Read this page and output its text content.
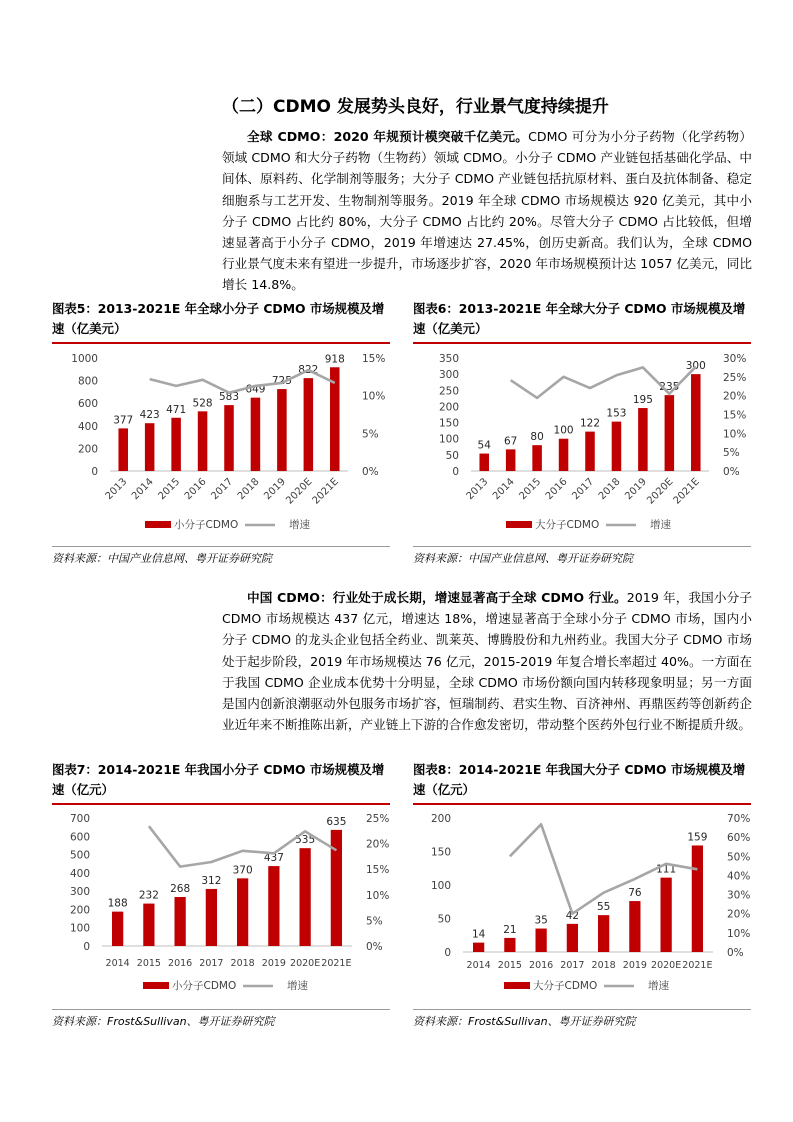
（二）CDMO 发展势头良好，行业景气度持续提升
全球 CDMO：2020 年规预计模突破千亿美元。CDMO 可分为小分子药物（化学药物）领域 CDMO 和大分子药物（生物药）领域 CDMO。小分子 CDMO 产业链包括基础化学品、中间体、原料药、化学制剂等服务；大分子 CDMO 产业链包括抗原材料、蛋白及抗体制备、稳定细胞系与工艺开发、生物制剂等服务。2019 年全球 CDMO 市场规模达 920 亿美元，其中小分子 CDMO 占比约 80%，大分子 CDMO 占比约 20%。尽管大分子 CDMO 占比较低，但增速显著高于小分子 CDMO，2019 年增速达 27.45%，创历史新高。我们认为，全球 CDMO 行业景气度未来有望进一步提升，市场逐步扩容，2020 年市场规模预计达 1057 亿美元，同比增长 14.8%。
图表5：2013-2021E 年全球小分子 CDMO 市场规模及增速（亿美元）
0
200
400
600
800
1000
0%
5%
10%
15%
377 423 471
528
583
649
725
822
918
2013 2014 2015 2016 2017 2018 2019
2020E
2021E
小分子CDMO	增速
资料来源：中国产业信息网、粤开证券研究院
图表6：2013-2021E 年全球大分子 CDMO 市场规模及增速（亿美元）
0
50
100
150
200
250
300
350
0%
5%
10%
15%
20%
25%
30%
54 67 80
100
122
153
195
235
300
2013 2014 2015 2016 2017 2018 2019
2020E
2021E
大分子CDMO	增速
资料来源：中国产业信息网、粤开证券研究院
中国 CDMO：行业处于成长期，增速显著高于全球 CDMO 行业。2019 年，我国小分子 CDMO 市场规模达 437 亿元，增速达 18%，增速显著高于全球小分子 CDMO 市场，国内小分子 CDMO 的龙头企业包括全药业、凯莱英、博腾股份和九州药业。我国大分子 CDMO 市场处于起步阶段，2019 年市场规模达 76 亿元，2015-2019 年复合增长率超过 40%。一方面在于我国 CDMO 企业成本优势十分明显，全球 CDMO 市场份额向国内转移现象明显；另一方面是国内创新浪潮驱动外包服务市场扩容，恒瑞制药、君实生物、百济神州、再鼎医药等创新药企业近年来不断推陈出新，产业链上下游的合作愈发密切，带动整个医药外包行业不断提质升级。
图表7：2014-2021E 年我国小分子 CDMO 市场规模及增速（亿元）
0
100
200
300
400
500
600
700
0%
5%
10%
15%
20%
25%
188
232
268
312
370
437
535
635
2014 2015 2016 2017 2018 2019 2020E 2021E
小分子CDMO	增速
资料来源：Frost&Sullivan、粤开证券研究院
图表8：2014-2021E 年我国大分子 CDMO 市场规模及增速（亿元）
0
50
100
150
200
0%
10%
20%
30%
40%
50%
60%
70%
14 21
35 42
55
76
111
159
2014 2015 2016 2017 2018 2019 2020E 2021E
大分子CDMO	增速
资料来源：Frost&Sullivan、粤开证券研究院
